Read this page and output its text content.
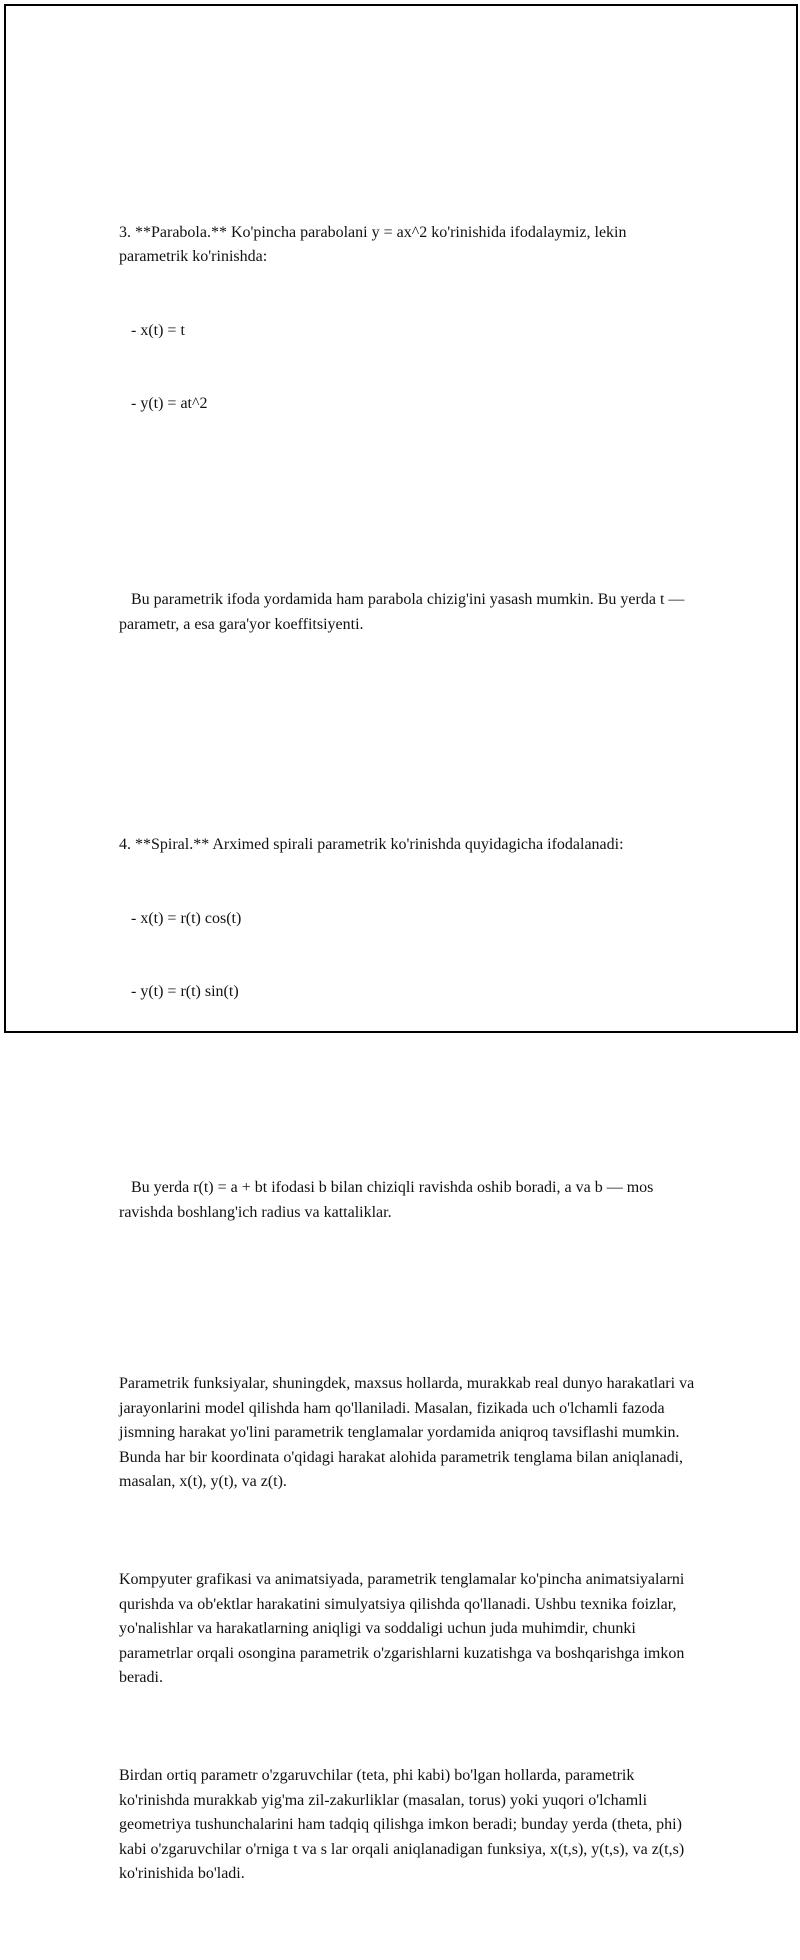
3. **Parabola.** Ko'pincha parabolani y = ax^2 ko'rinishida ifodalaymiz, lekin parametrik ko'rinishda:

- x(t) = t

- y(t) = at^2

Bu parametrik ifoda yordamida ham parabola chizig'ini yasash mumkin. Bu yerda t — parametr, a esa gara'yor koeffitsiyenti.

4. **Spiral.** Arximed spirali parametrik ko'rinishda quyidagicha ifodalanadi:

- x(t) = r(t) cos(t)

- y(t) = r(t) sin(t)

Bu yerda r(t) = a + bt ifodasi b bilan chiziqli ravishda oshib boradi, a va b — mos ravishda boshlang'ich radius va kattaliklar.

Parametrik funksiyalar, shuningdek, maxsus hollarda, murakkab real dunyo harakatlari va jarayonlarini model qilishda ham qo'llaniladi. Masalan, fizikada uch o'lchamli fazoda jismning harakat yo'lini parametrik tenglamalar yordamida aniqroq tavsiflashi mumkin. Bunda har bir koordinata o'qidagi harakat alohida parametrik tenglama bilan aniqlanadi, masalan, x(t), y(t), va z(t).

Kompyuter grafikasi va animatsiyada, parametrik tenglamalar ko'pincha animatsiyalarni qurishda va ob'ektlar harakatini simulyatsiya qilishda qo'llanadi. Ushbu texnika foizlar, yo'nalishlar va harakatlarning aniqligi va soddaligi uchun juda muhimdir, chunki parametrlar orqali osongina parametrik o'zgarishlarni kuzatishga va boshqarishga imkon beradi.

Birdan ortiq parametr o'zgaruvchilar (teta, phi kabi) bo'lgan hollarda, parametrik ko'rinishda murakkab yig'ma zil-zakurliklar (masalan, torus) yoki yuqori o'lchamli geometriya tushunchalarini ham tadqiq qilishga imkon beradi; bunday yerda (theta, phi) kabi o'zgaruvchilar o'rniga t va s lar orqali aniqlanadigan funksiya, x(t,s), y(t,s), va z(t,s) ko'rinishida bo'ladi.
